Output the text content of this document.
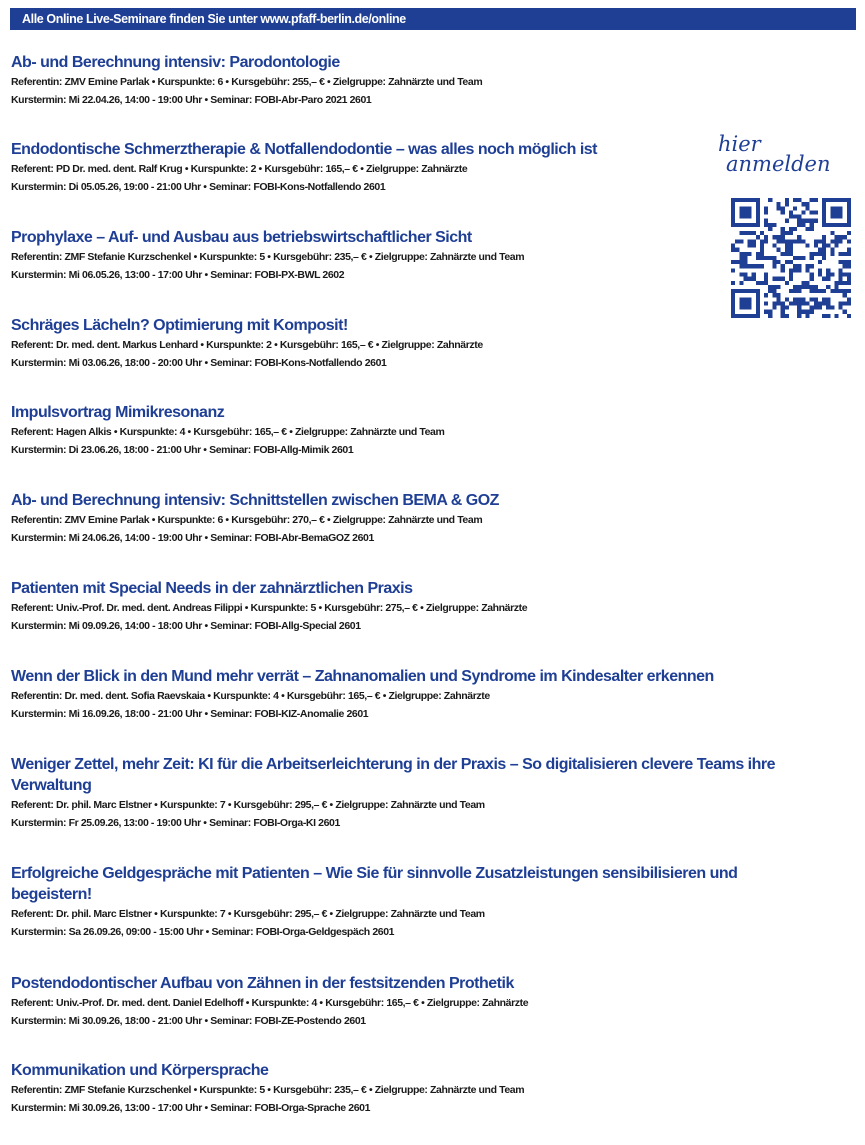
Alle Online Live-Seminare finden Sie unter www.pfaff-berlin.de/online
Ab- und Berechnung intensiv: Parodontologie
Referentin: ZMV Emine Parlak • Kurspunkte: 6 • Kursgebühr: 255,– € • Zielgruppe: Zahnärzte und Team
Kurstermin: Mi 22.04.26, 14:00 - 19:00 Uhr • Seminar: FOBI-Abr-Paro 2021 2601
Endodontische Schmerztherapie & Notfallendodontie – was alles noch möglich ist
Referent: PD Dr. med. dent. Ralf Krug • Kurspunkte: 2 • Kursgebühr: 165,– € • Zielgruppe: Zahnärzte
Kurstermin: Di 05.05.26, 19:00 - 21:00 Uhr • Seminar: FOBI-Kons-Notfallendo 2601
Prophylaxe – Auf- und Ausbau aus betriebswirtschaftlicher Sicht
Referentin: ZMF Stefanie Kurzschenkel • Kurspunkte: 5 • Kursgebühr: 235,– € • Zielgruppe: Zahnärzte und Team
Kurstermin: Mi 06.05.26, 13:00 - 17:00 Uhr • Seminar: FOBI-PX-BWL 2602
Schräges Lächeln? Optimierung mit Komposit!
Referent: Dr. med. dent. Markus Lenhard • Kurspunkte: 2 • Kursgebühr: 165,– € • Zielgruppe: Zahnärzte
Kurstermin: Mi 03.06.26, 18:00 - 20:00 Uhr • Seminar: FOBI-Kons-Notfallendo 2601
Impulsvortrag Mimikresonanz
Referent: Hagen Alkis • Kurspunkte: 4 • Kursgebühr: 165,– € • Zielgruppe: Zahnärzte und Team
Kurstermin: Di 23.06.26, 18:00 - 21:00 Uhr • Seminar: FOBI-Allg-Mimik 2601
Ab- und Berechnung intensiv: Schnittstellen zwischen BEMA & GOZ
Referentin: ZMV Emine Parlak • Kurspunkte: 6 • Kursgebühr: 270,– € • Zielgruppe: Zahnärzte und Team
Kurstermin: Mi 24.06.26, 14:00 - 19:00 Uhr • Seminar: FOBI-Abr-BemaGOZ 2601
Patienten mit Special Needs in der zahnärztlichen Praxis
Referent: Univ.-Prof. Dr. med. dent. Andreas Filippi • Kurspunkte: 5 • Kursgebühr: 275,– € • Zielgruppe: Zahnärzte
Kurstermin: Mi 09.09.26, 14:00 - 18:00 Uhr • Seminar: FOBI-Allg-Special 2601
Wenn der Blick in den Mund mehr verrät – Zahnanomalien und Syndrome im Kindesalter erkennen
Referentin: Dr. med. dent. Sofia Raevskaia • Kurspunkte: 4 • Kursgebühr: 165,– € • Zielgruppe: Zahnärzte
Kurstermin: Mi 16.09.26, 18:00 - 21:00 Uhr • Seminar: FOBI-KIZ-Anomalie 2601
Weniger Zettel, mehr Zeit: KI für die Arbeitserleichterung in der Praxis – So digitalisieren clevere Teams ihre Verwaltung
Referent: Dr. phil. Marc Elstner • Kurspunkte: 7 • Kursgebühr: 295,– € • Zielgruppe: Zahnärzte und Team
Kurstermin: Fr 25.09.26, 13:00 - 19:00 Uhr • Seminar: FOBI-Orga-KI 2601
Erfolgreiche Geldgespräche mit Patienten – Wie Sie für sinnvolle Zusatzleistungen sensibilisieren und begeistern!
Referent: Dr. phil. Marc Elstner • Kurspunkte: 7 • Kursgebühr: 295,– € • Zielgruppe: Zahnärzte und Team
Kurstermin: Sa 26.09.26, 09:00 - 15:00 Uhr • Seminar: FOBI-Orga-Geldgespäch 2601
Postendodontischer Aufbau von Zähnen in der festsitzenden Prothetik
Referent: Univ.-Prof. Dr. med. dent. Daniel Edelhoff • Kurspunkte: 4 • Kursgebühr: 165,– € • Zielgruppe: Zahnärzte
Kurstermin: Mi 30.09.26, 18:00 - 21:00 Uhr • Seminar: FOBI-ZE-Postendo 2601
Kommunikation und Körpersprache
Referentin: ZMF Stefanie Kurzschenkel • Kurspunkte: 5 • Kursgebühr: 235,– € • Zielgruppe: Zahnärzte und Team
Kurstermin: Mi 30.09.26, 13:00 - 17:00 Uhr • Seminar: FOBI-Orga-Sprache 2601
hier
anmelden
